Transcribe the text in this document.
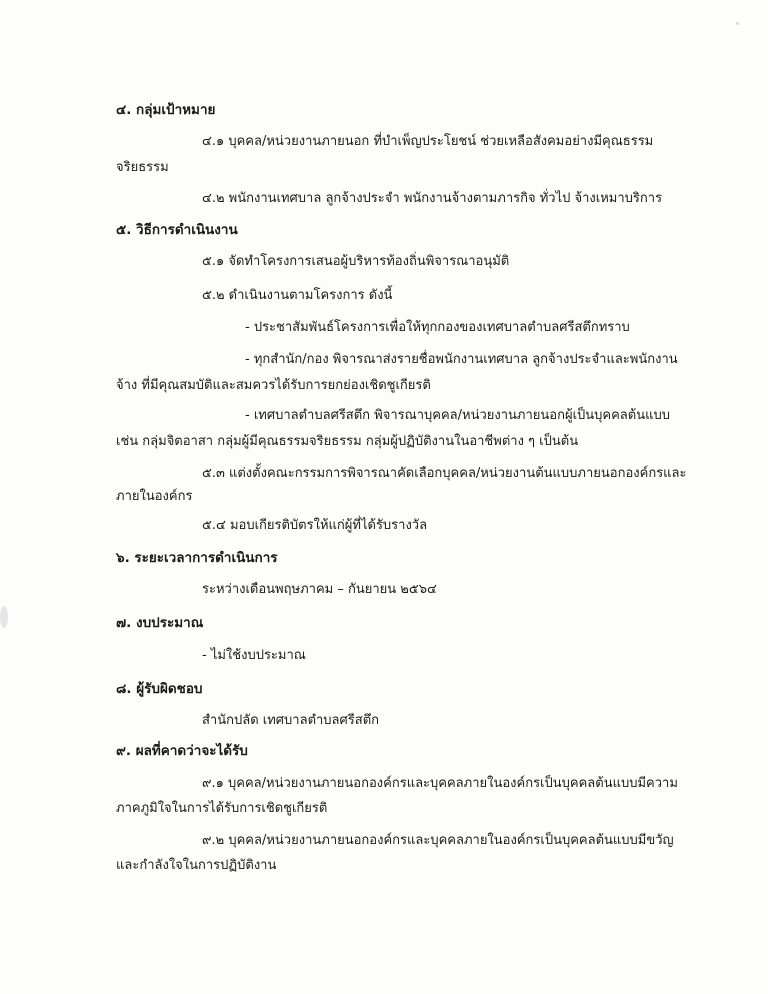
๔. กลุ่มเป้าหมาย
๔.๑ บุคคล/หน่วยงานภายนอก ที่บำเพ็ญประโยชน์ ช่วยเหลือสังคมอย่างมีคุณธรรม
จริยธรรม
๔.๒ พนักงานเทศบาล ลูกจ้างประจำ พนักงานจ้างตามภารกิจ ทั่วไป จ้างเหมาบริการ
๕. วิธีการดำเนินงาน
๕.๑ จัดทำโครงการเสนอผู้บริหารท้องถิ่นพิจารณาอนุมัติ
๕.๒ ดำเนินงานตามโครงการ ดังนี้
- ประชาสัมพันธ์โครงการเพื่อให้ทุกกองของเทศบาลตำบลศรีสตึกทราบ
- ทุกสำนัก/กอง พิจารณาส่งรายชื่อพนักงานเทศบาล ลูกจ้างประจำและพนักงาน
จ้าง ที่มีคุณสมบัติและสมควรได้รับการยกย่องเชิดชูเกียรติ
- เทศบาลตำบลศรีสตึก พิจารณาบุคคล/หน่วยงานภายนอกผู้เป็นบุคคลต้นแบบ
เช่น กลุ่มจิตอาสา กลุ่มผู้มีคุณธรรมจริยธรรม กลุ่มผู้ปฏิบัติงานในอาชีพต่าง ๆ เป็นต้น
๕.๓ แต่งตั้งคณะกรรมการพิจารณาคัดเลือกบุคคล/หน่วยงานต้นแบบภายนอกองค์กรและ
ภายในองค์กร
๕.๔ มอบเกียรติบัตรให้แก่ผู้ที่ได้รับรางวัล
๖. ระยะเวลาการดำเนินการ
ระหว่างเดือนพฤษภาคม – กันยายน ๒๕๖๔
๗. งบประมาณ
- ไม่ใช้งบประมาณ
๘. ผู้รับผิดชอบ
สำนักปลัด เทศบาลตำบลศรีสตึก
๙. ผลที่คาดว่าจะได้รับ
๙.๑ บุคคล/หน่วยงานภายนอกองค์กรและบุคคลภายในองค์กรเป็นบุคคลต้นแบบมีความ
ภาคภูมิใจในการได้รับการเชิดชูเกียรติ
๙.๒ บุคคล/หน่วยงานภายนอกองค์กรและบุคคลภายในองค์กรเป็นบุคคลต้นแบบมีขวัญ
และกำลังใจในการปฏิบัติงาน
